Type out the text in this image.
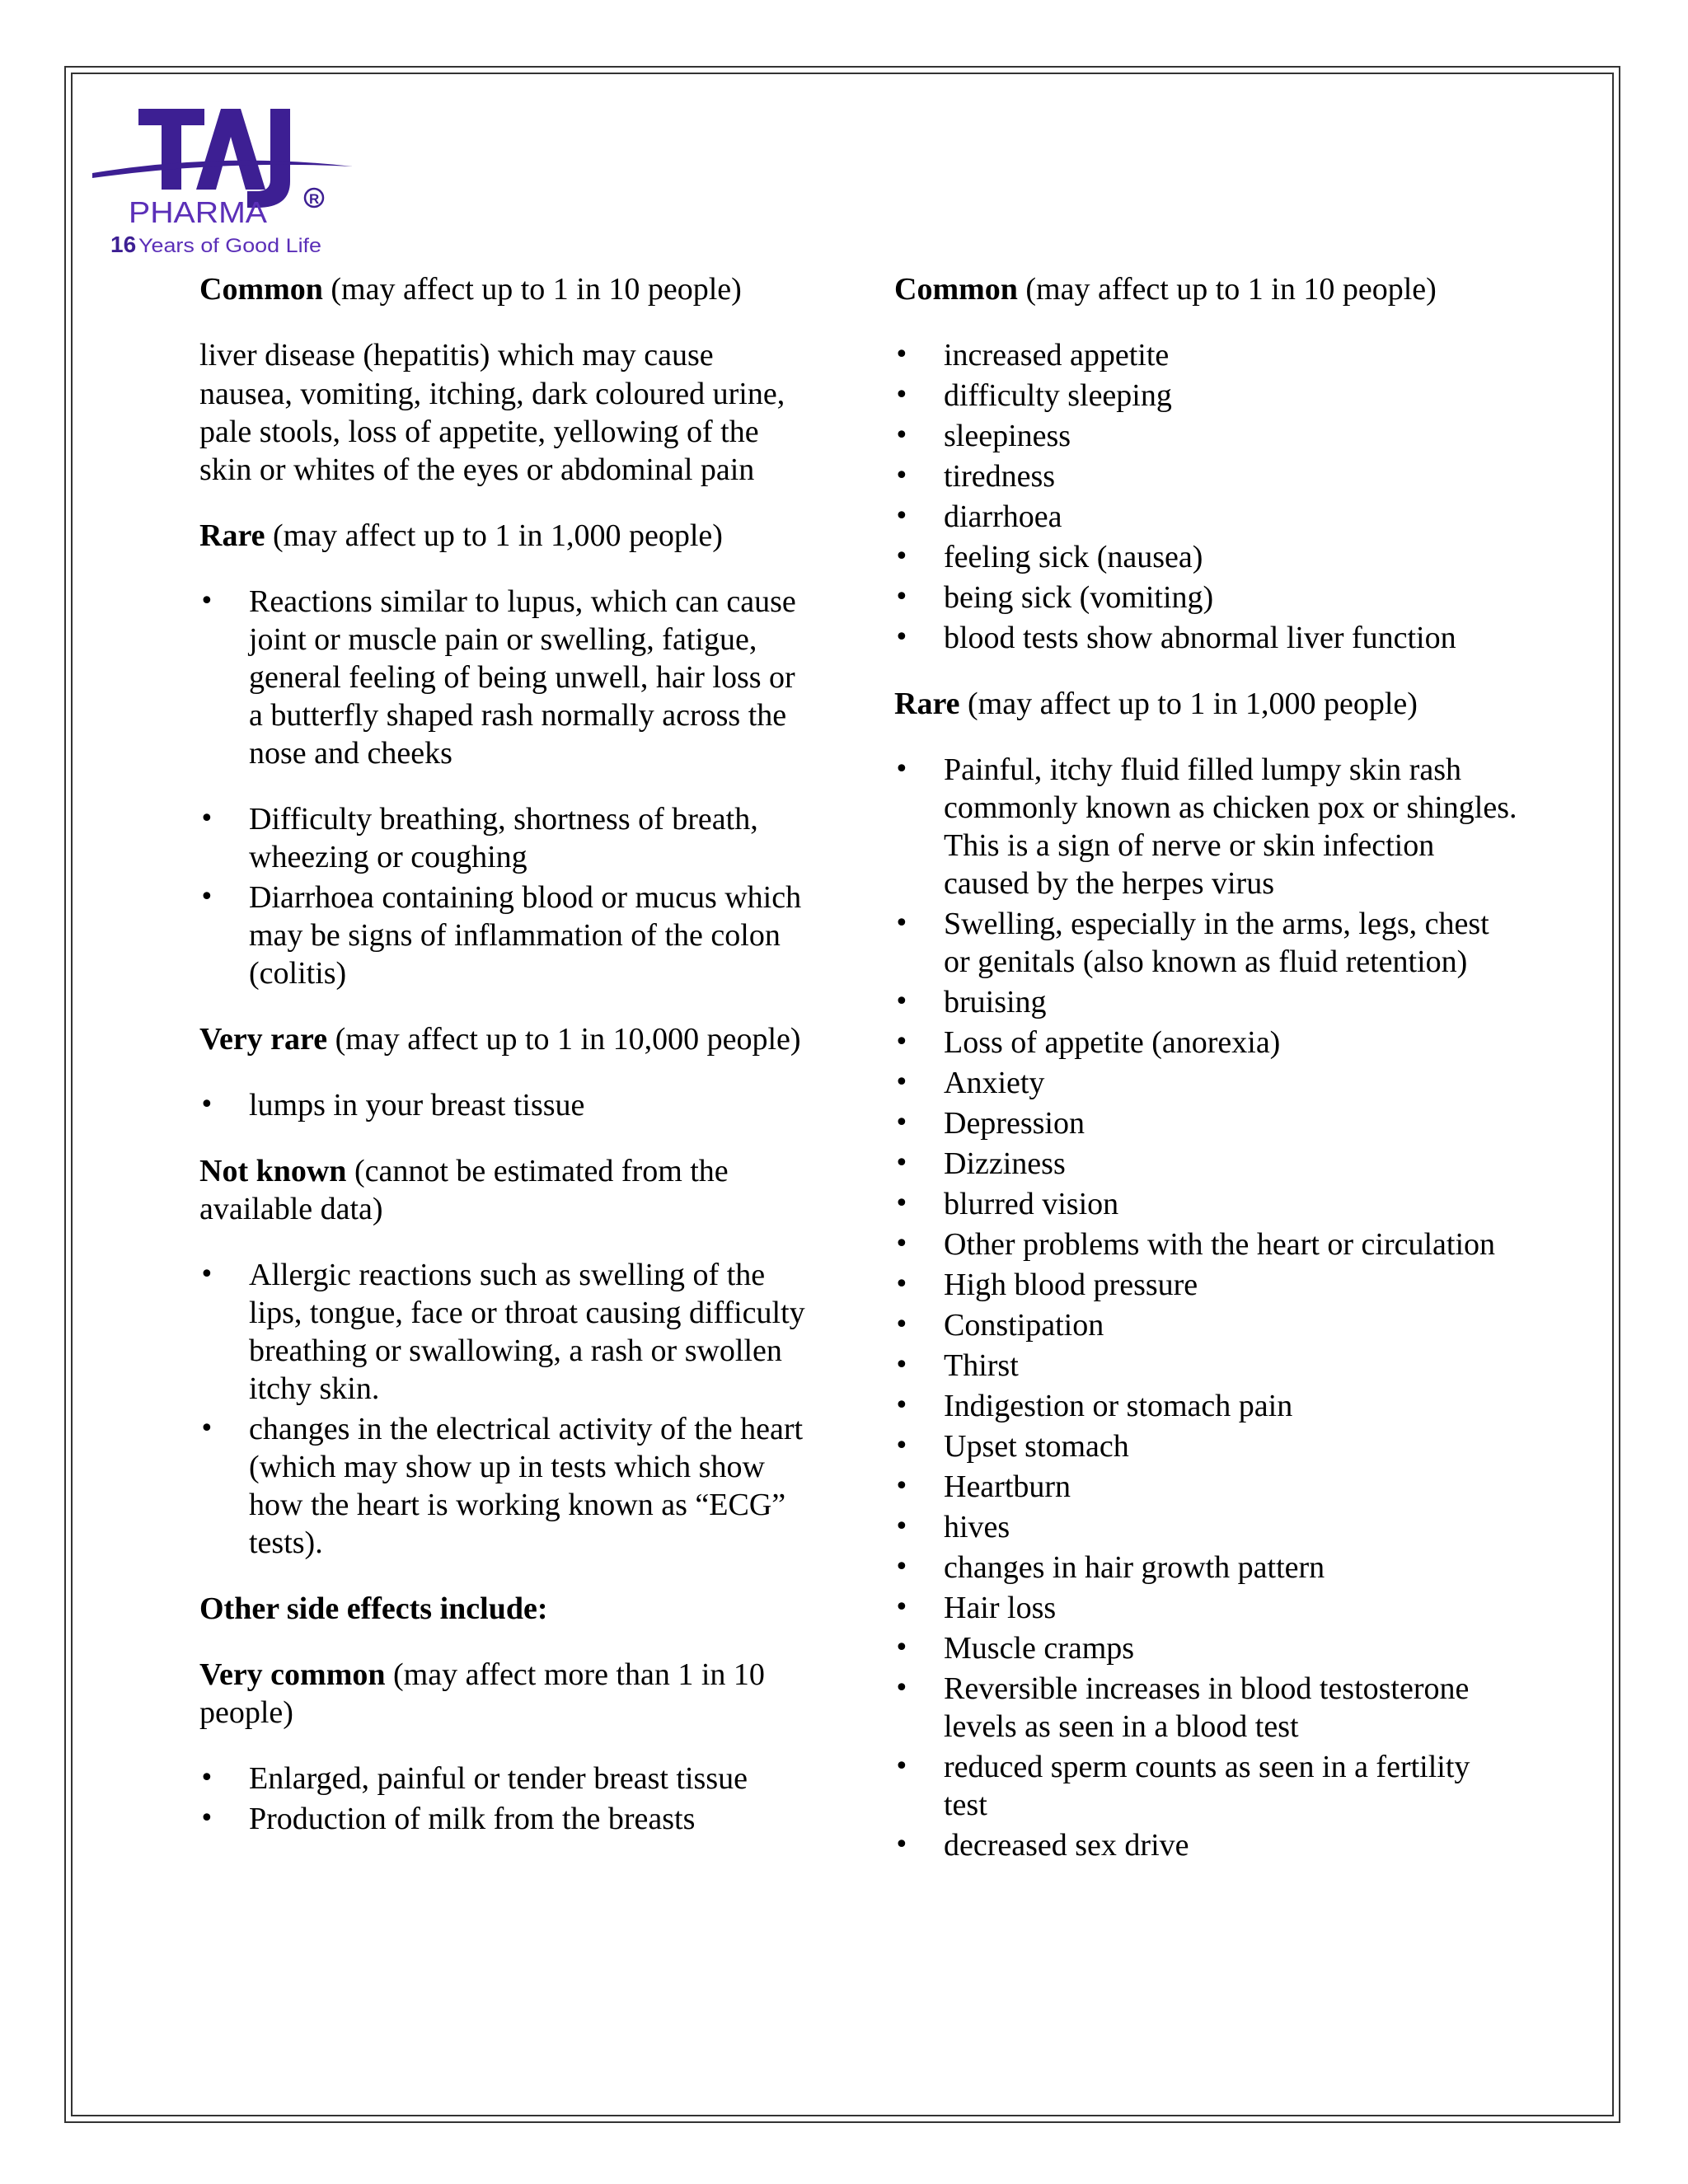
PHARMA	R
16 Years of Good Life

Common (may affect up to 1 in 10 people)

liver disease (hepatitis) which may cause nausea, vomiting, itching, dark coloured urine, pale stools, loss of appetite, yellowing of the skin or whites of the eyes or abdominal pain

Rare (may affect up to 1 in 1,000 people)

• Reactions similar to lupus, which can cause joint or muscle pain or swelling, fatigue, general feeling of being unwell, hair loss or a butterfly shaped rash normally across the nose and cheeks
• Difficulty breathing, shortness of breath, wheezing or coughing
• Diarrhoea containing blood or mucus which may be signs of inflammation of the colon (colitis)

Very rare (may affect up to 1 in 10,000 people)

• lumps in your breast tissue

Not known (cannot be estimated from the available data)

• Allergic reactions such as swelling of the lips, tongue, face or throat causing difficulty breathing or swallowing, a rash or swollen itchy skin.
• changes in the electrical activity of the heart (which may show up in tests which show how the heart is working known as “ECG” tests).

Other side effects include:

Very common (may affect more than 1 in 10 people)

• Enlarged, painful or tender breast tissue
• Production of milk from the breasts

Common (may affect up to 1 in 10 people)

• increased appetite
• difficulty sleeping
• sleepiness
• tiredness
• diarrhoea
• feeling sick (nausea)
• being sick (vomiting)
• blood tests show abnormal liver function

Rare (may affect up to 1 in 1,000 people)

• Painful, itchy fluid filled lumpy skin rash commonly known as chicken pox or shingles. This is a sign of nerve or skin infection caused by the herpes virus
• Swelling, especially in the arms, legs, chest or genitals (also known as fluid retention)
• bruising
• Loss of appetite (anorexia)
• Anxiety
• Depression
• Dizziness
• blurred vision
• Other problems with the heart or circulation
• High blood pressure
• Constipation
• Thirst
• Indigestion or stomach pain
• Upset stomach
• Heartburn
• hives
• changes in hair growth pattern
• Hair loss
• Muscle cramps
• Reversible increases in blood testosterone levels as seen in a blood test
• reduced sperm counts as seen in a fertility test
• decreased sex drive
